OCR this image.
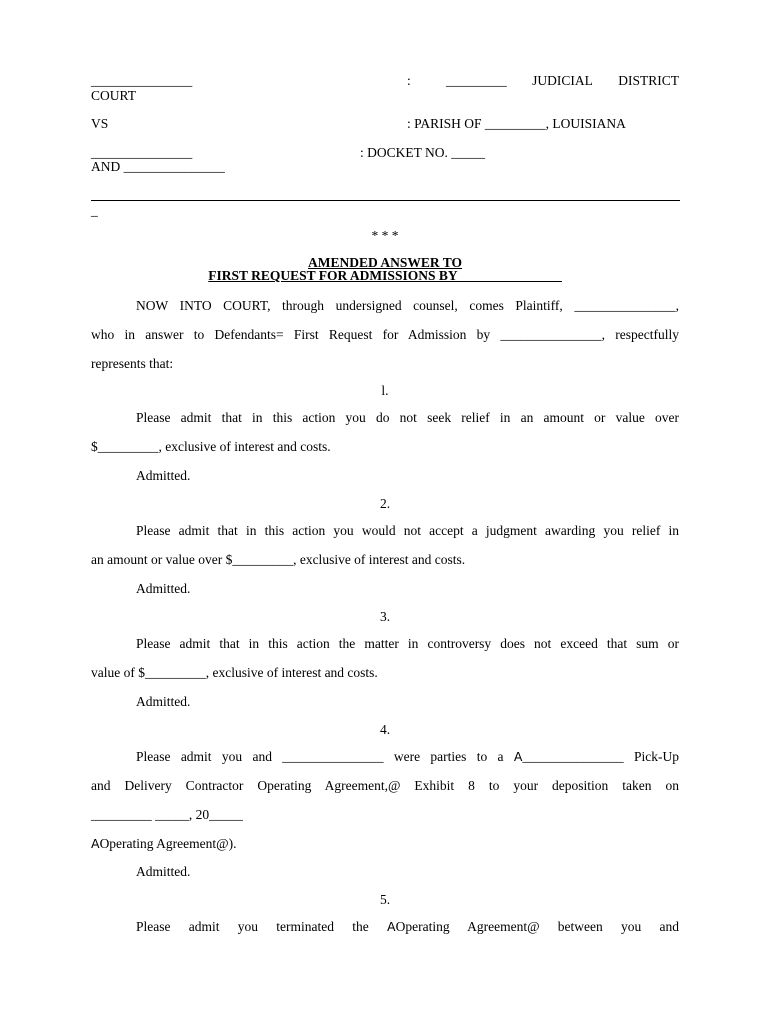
_______________	:	_________ JUDICIAL DISTRICT
COURT
VS	: PARISH OF _________, LOUISIANA
_______________	: DOCKET NO. _____
AND _______________
_
* * *
AMENDED ANSWER TO
FIRST REQUEST FOR ADMISSIONS BY _______________
NOW INTO COURT, through undersigned counsel, comes Plaintiff, _______________,
who in answer to Defendants= First Request for Admission by _______________, respectfully
represents that:
l.
Please admit that in this action you do not seek relief in an amount or value over
$_________, exclusive of interest and costs.
Admitted.
2.
Please admit that in this action you would not accept a judgment awarding you relief in
an amount or value over $_________, exclusive of interest and costs.
Admitted.
3.
Please admit that in this action the matter in controversy does not exceed that sum or
value of $_________, exclusive of interest and costs.
Admitted.
4.
Please admit you and _______________ were parties to a A_______________ Pick-Up
and Delivery Contractor Operating Agreement,@ Exhibit 8 to your deposition taken on
_________ _____, 20_____
AOperating Agreement@).
Admitted.
5.
Please admit you terminated the AOperating Agreement@ between you and
